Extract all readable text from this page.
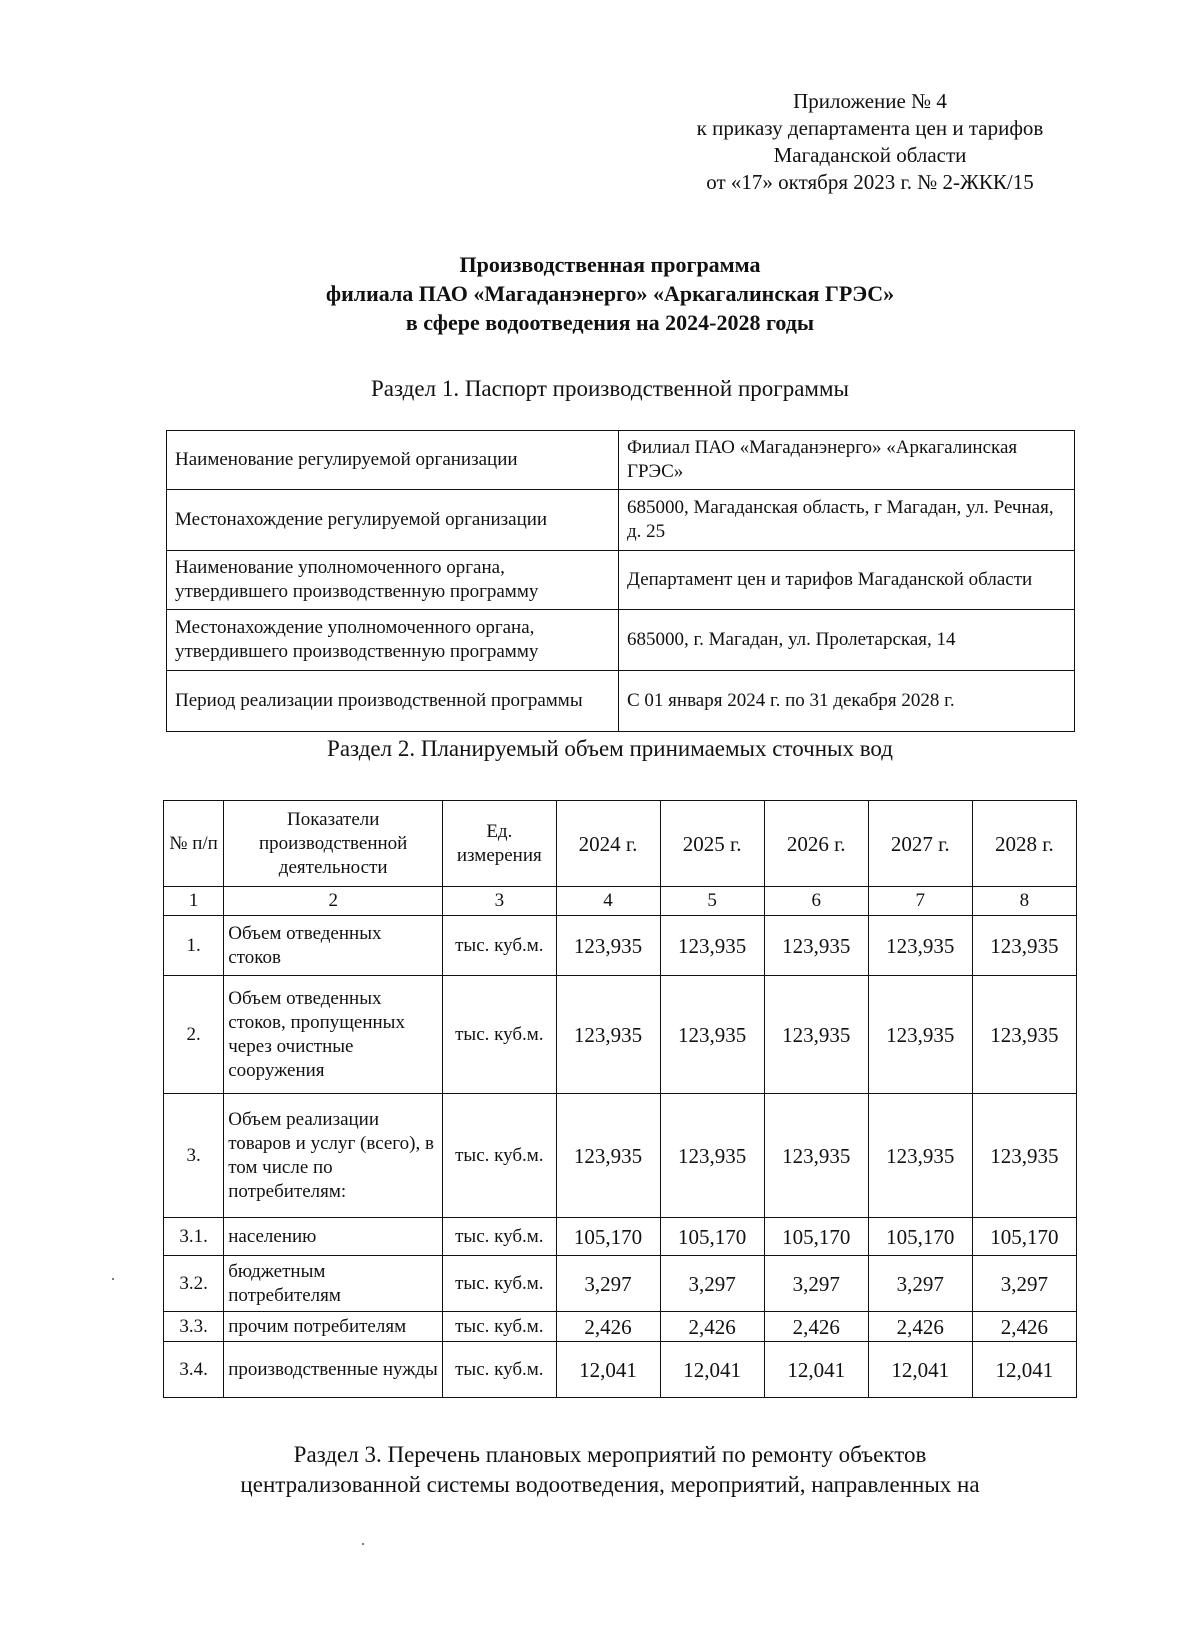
Приложение № 4
к приказу департамента цен и тарифов
Магаданской области
от «17» октября 2023 г. № 2-ЖКК/15
Производственная программа
филиала ПАО «Магаданэнерго» «Аркагалинская ГРЭС»
в сфере водоотведения на 2024-2028 годы
Раздел 1. Паспорт производственной программы
Наименование регулируемой организации	Филиал ПАО «Магаданэнерго» «Аркагалинская ГРЭС»
Местонахождение регулируемой организации	685000, Магаданская область, г Магадан, ул. Речная, д. 25
Наименование уполномоченного органа, утвердившего производственную программу	Департамент цен и тарифов Магаданской области
Местонахождение уполномоченного органа, утвердившего производственную программу	685000, г. Магадан, ул. Пролетарская, 14
Период реализации производственной программы	С 01 января 2024 г. по 31 декабря 2028 г.
Раздел 2. Планируемый объем принимаемых сточных вод
№ п/п	Показатели производственной деятельности	Ед. измерения	2024 г.	2025 г.	2026 г.	2027 г.	2028 г.
1	2	3	4	5	6	7	8
1.	Объем отведенных стоков	тыс. куб.м.	123,935	123,935	123,935	123,935	123,935
2.	Объем отведенных стоков, пропущенных через очистные сооружения	тыс. куб.м.	123,935	123,935	123,935	123,935	123,935
3.	Объем реализации товаров и услуг (всего), в том числе по потребителям:	тыс. куб.м.	123,935	123,935	123,935	123,935	123,935
3.1.	населению	тыс. куб.м.	105,170	105,170	105,170	105,170	105,170
3.2.	бюджетным потребителям	тыс. куб.м.	3,297	3,297	3,297	3,297	3,297
3.3.	прочим потребителям	тыс. куб.м.	2,426	2,426	2,426	2,426	2,426
3.4.	производственные нужды	тыс. куб.м.	12,041	12,041	12,041	12,041	12,041
Раздел 3. Перечень плановых мероприятий по ремонту объектов
централизованной системы водоотведения, мероприятий, направленных на
